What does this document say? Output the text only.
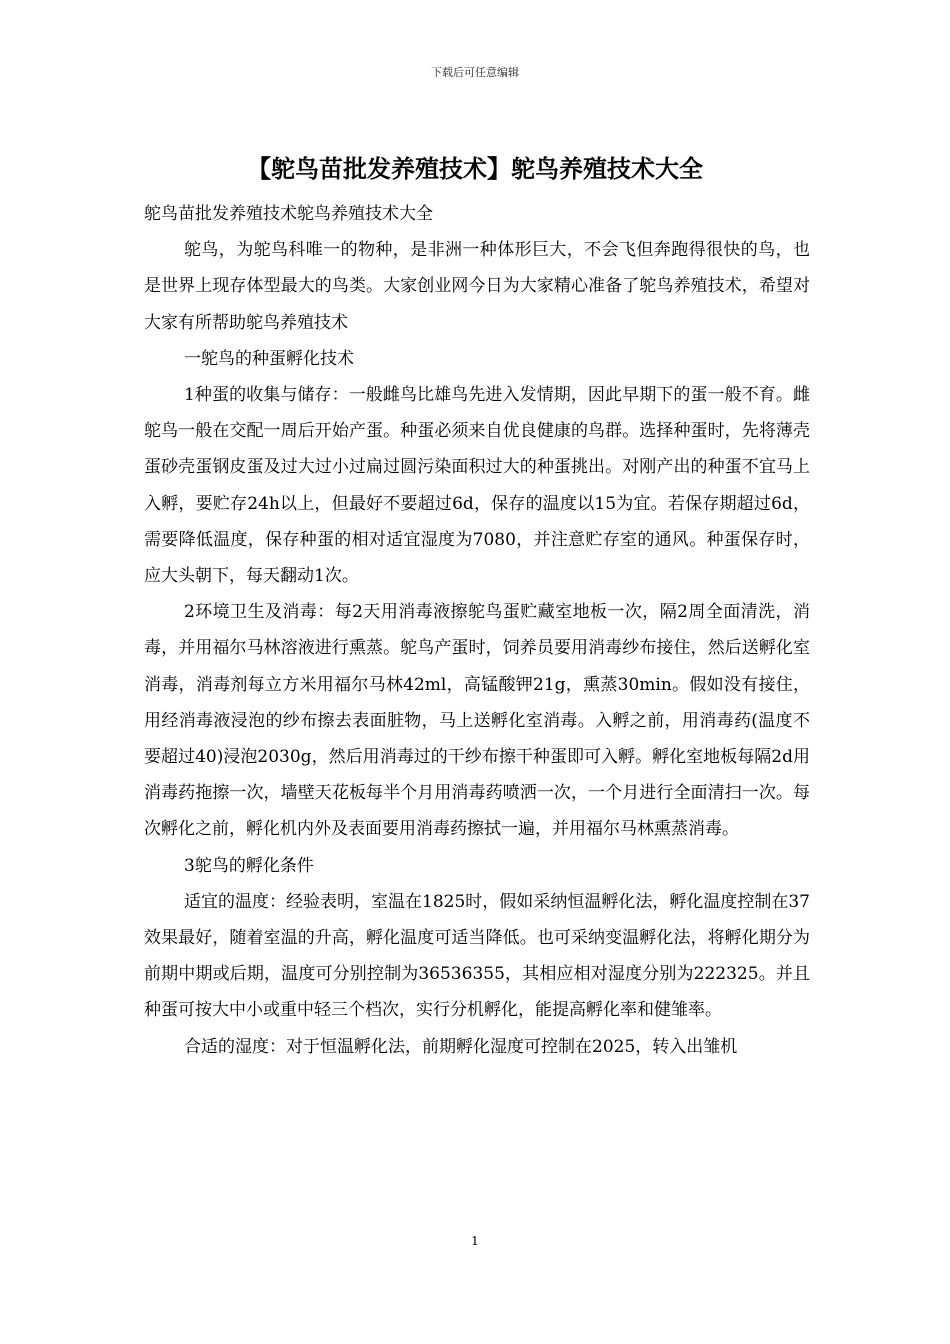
下载后可任意编辑
【鸵鸟苗批发养殖技术】鸵鸟养殖技术大全

鸵鸟苗批发养殖技术鸵鸟养殖技术大全

鸵鸟，为鸵鸟科唯一的物种，是非洲一种体形巨大，不会飞但奔跑得很快的鸟，也是世界上现存体型最大的鸟类。大家创业网今日为大家精心准备了鸵鸟养殖技术，希望对大家有所帮助鸵鸟养殖技术

一鸵鸟的种蛋孵化技术

1种蛋的收集与储存：一般雌鸟比雄鸟先进入发情期，因此早期下的蛋一般不育。雌鸵鸟一般在交配一周后开始产蛋。种蛋必须来自优良健康的鸟群。选择种蛋时，先将薄壳蛋砂壳蛋钢皮蛋及过大过小过扁过圆污染面积过大的种蛋挑出。对刚产出的种蛋不宜马上入孵，要贮存24h以上，但最好不要超过6d，保存的温度以15为宜。若保存期超过6d，需要降低温度，保存种蛋的相对适宜湿度为7080，并注意贮存室的通风。种蛋保存时，应大头朝下，每天翻动1次。

2环境卫生及消毒：每2天用消毒液擦鸵鸟蛋贮藏室地板一次，隔2周全面清洗，消毒，并用福尔马林溶液进行熏蒸。鸵鸟产蛋时，饲养员要用消毒纱布接住，然后送孵化室消毒，消毒剂每立方米用福尔马林42ml，高锰酸钾21g，熏蒸30min。假如没有接住，用经消毒液浸泡的纱布擦去表面脏物，马上送孵化室消毒。入孵之前，用消毒药(温度不要超过40)浸泡2030g，然后用消毒过的干纱布擦干种蛋即可入孵。孵化室地板每隔2d用消毒药拖擦一次，墙壁天花板每半个月用消毒药喷洒一次，一个月进行全面清扫一次。每次孵化之前，孵化机内外及表面要用消毒药擦拭一遍，并用福尔马林熏蒸消毒。

3鸵鸟的孵化条件

适宜的温度：经验表明，室温在1825时，假如采纳恒温孵化法，孵化温度控制在37效果最好，随着室温的升高，孵化温度可适当降低。也可采纳变温孵化法，将孵化期分为前期中期或后期，温度可分别控制为36536355，其相应相对湿度分别为222325。并且种蛋可按大中小或重中轻三个档次，实行分机孵化，能提高孵化率和健雏率。

合适的湿度：对于恒温孵化法，前期孵化湿度可控制在2025，转入出雏机

1
